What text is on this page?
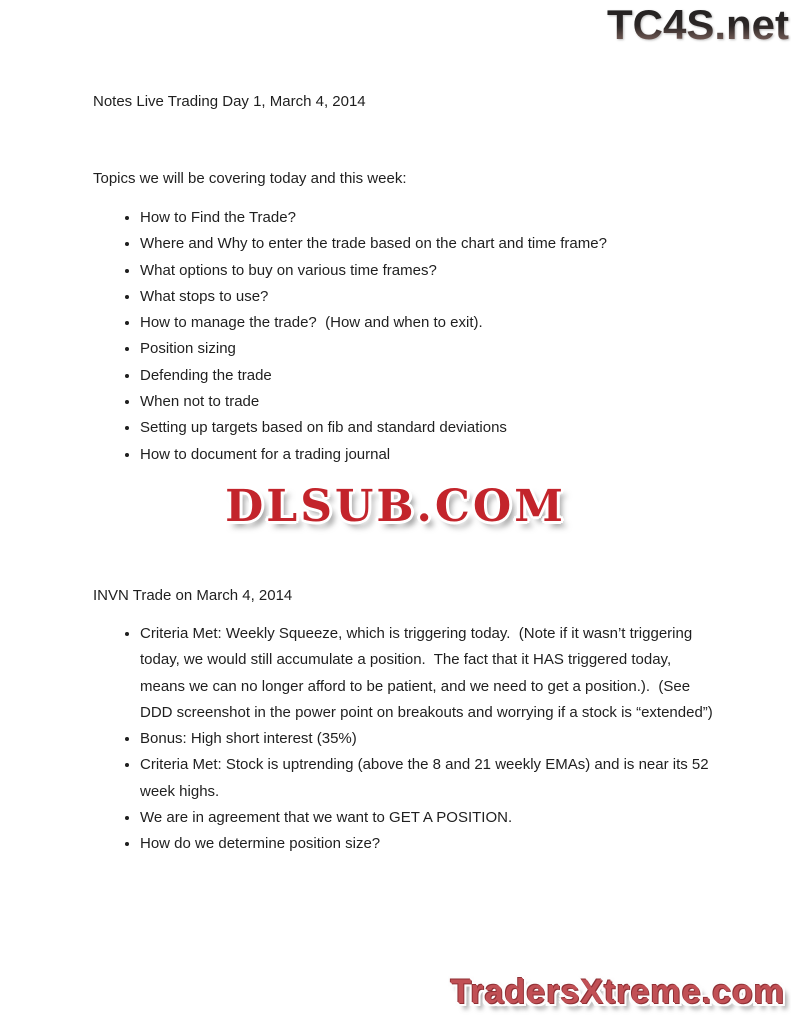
TC4S.net
Notes Live Trading Day 1, March 4, 2014
Topics we will be covering today and this week:
• How to Find the Trade?
• Where and Why to enter the trade based on the chart and time frame?
• What options to buy on various time frames?
• What stops to use?
• How to manage the trade?  (How and when to exit).
• Position sizing
• Defending the trade
• When not to trade
• Setting up targets based on fib and standard deviations
• How to document for a trading journal
DLSUB.COM
INVN Trade on March 4, 2014
• Criteria Met: Weekly Squeeze, which is triggering today.  (Note if it wasn’t triggering today, we would still accumulate a position.  The fact that it HAS triggered today, means we can no longer afford to be patient, and we need to get a position.).  (See DDD screenshot in the power point on breakouts and worrying if a stock is “extended”)
• Bonus: High short interest (35%)
• Criteria Met: Stock is uptrending (above the 8 and 21 weekly EMAs) and is near its 52 week highs.
• We are in agreement that we want to GET A POSITION.
• How do we determine position size?
TradersXtreme.com
